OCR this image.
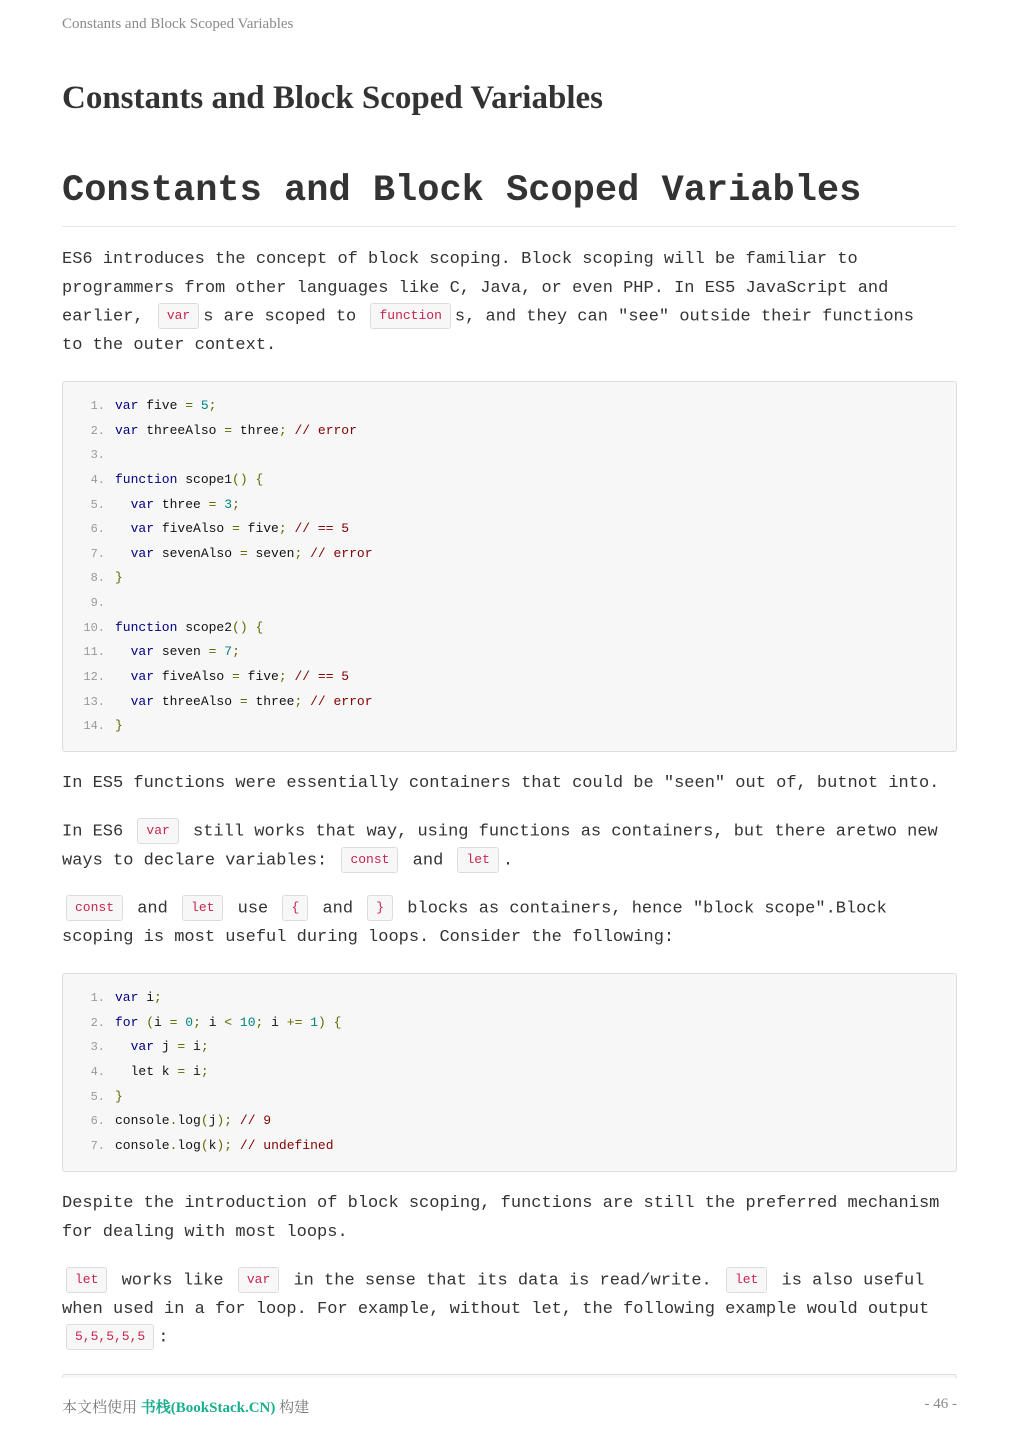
Constants and Block Scoped Variables
Constants and Block Scoped Variables
Constants and Block Scoped Variables
ES6 introduces the concept of block scoping. Block scoping will be familiar to
programmers from other languages like C, Java, or even PHP. In ES5 JavaScript and
earlier, var s are scoped to function s, and they can "see" outside their functions
to the outer context.
1 . var five = 5;
2 . var threeAlso = three; // error
3 .
4 . function scope1() {
5 .	var three = 3;
6 .	var fiveAlso = five; // == 5
7 .	var sevenAlso = seven; // error
8 . }
9 .
10 . function scope2() {
11 .	var seven = 7;
12 .	var fiveAlso = five; // == 5
13 .	var threeAlso = three; // error
14 . }
In ES5 functions were essentially containers that could be "seen" out of, butnot into.
In ES6 var still works that way, using functions as containers, but there aretwo new
ways to declare variables: const and let .
const and let use { and } blocks as containers, hence "block scope".Block
scoping is most useful during loops. Consider the following:
1 . var i;
2 . for (i = 0; i < 10; i += 1) {
3 .	var j = i;
4 .  let k = i;
5 . }
6 . console.log(j); // 9
7 . console.log(k); // undefined
Despite the introduction of block scoping, functions are still the preferred mechanism
for dealing with most loops.
let works like var in the sense that its data is read/write. let is also useful
when used in a for loop. For example, without let, the following example would output
5,5,5,5,5 :
本文档使用 书栈(BookStack.CN) 构建	- 46 -
